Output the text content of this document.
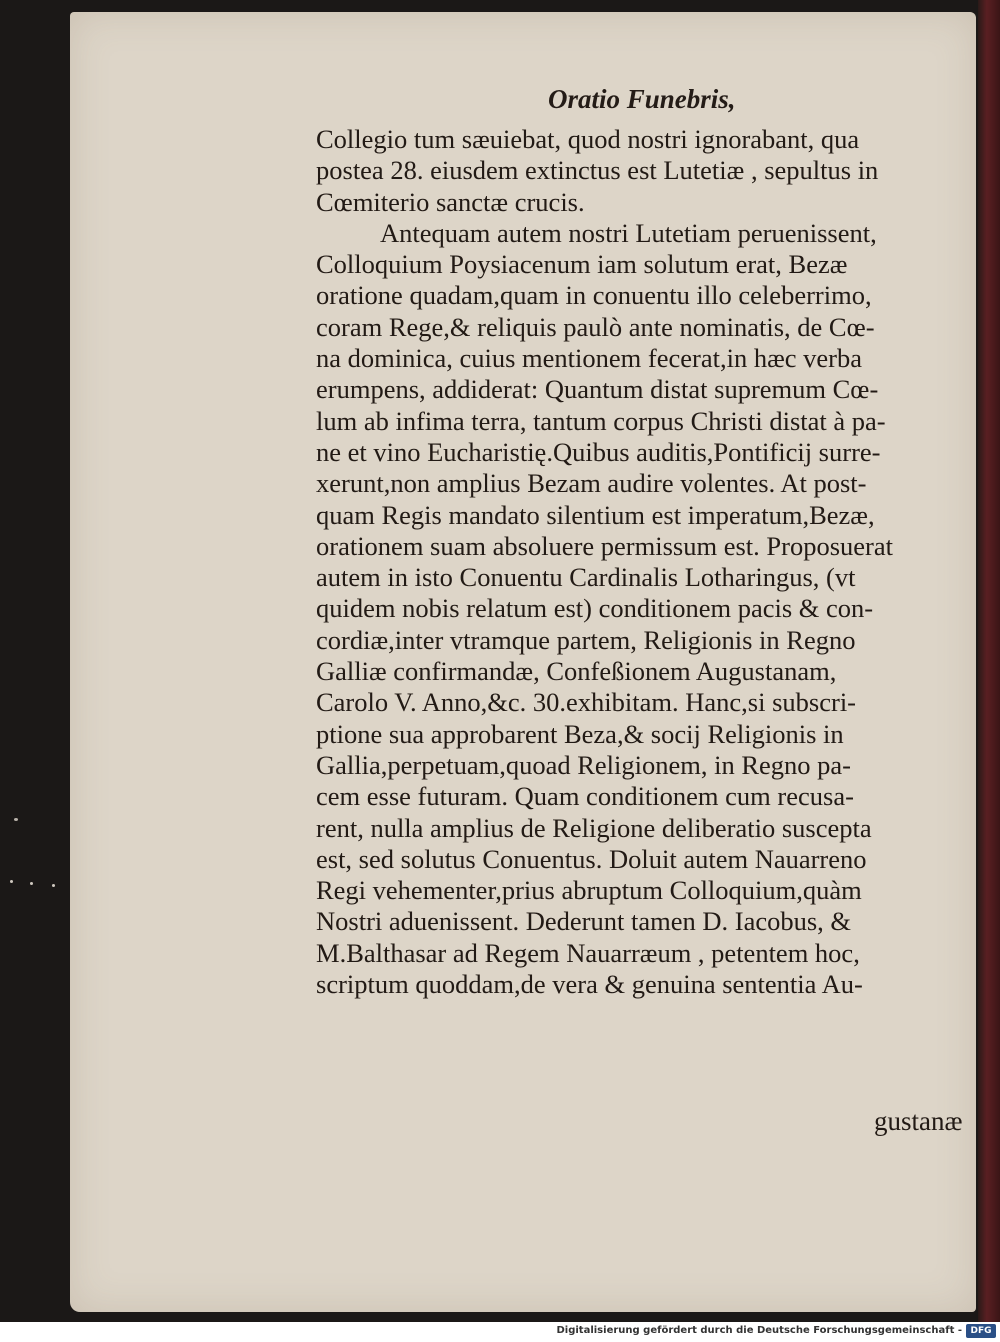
Oratio Funebris,
Collegio tum sæuiebat, quod nostri ignorabant, qua
postea 28. eiusdem extinctus est Lutetiæ , sepultus in
Cœmiterio sanctæ crucis.
Antequam autem nostri Lutetiam peruenissent,
Colloquium Poysiacenum iam solutum erat, Bezæ
oratione quadam,quam in conuentu illo celeberrimo,
coram Rege,& reliquis paulò ante nominatis, de Cœ-
na dominica, cuius mentionem fecerat,in hæc verba
erumpens, addiderat: Quantum distat supremum Cœ-
lum ab infima terra, tantum corpus Christi distat à pa-
ne et vino Eucharistię.Quibus auditis,Pontificij surre-
xerunt,non amplius Bezam audire volentes. At post-
quam Regis mandato silentium est imperatum,Bezæ,
orationem suam absoluere permissum est. Proposuerat
autem in isto Conuentu Cardinalis Lotharingus, (vt
quidem nobis relatum est) conditionem pacis & con-
cordiæ,inter vtramque partem, Religionis in Regno
Galliæ confirmandæ, Confeßionem Augustanam,
Carolo V. Anno,&c. 30.exhibitam. Hanc,si subscri-
ptione sua approbarent Beza,& socij Religionis in
Gallia,perpetuam,quoad Religionem, in Regno pa-
cem esse futuram. Quam conditionem cum recusa-
rent, nulla amplius de Religione deliberatio suscepta
est, sed solutus Conuentus. Doluit autem Nauarreno
Regi vehementer,prius abruptum Colloquium,quàm
Nostri aduenissent. Dederunt tamen D. Iacobus, &
M.Balthasar ad Regem Nauarræum , petentem hoc,
scriptum quoddam,de vera & genuina sententia Au-
gustanæ
Digitalisierung gefördert durch die Deutsche Forschungsgemeinschaft - DFG
